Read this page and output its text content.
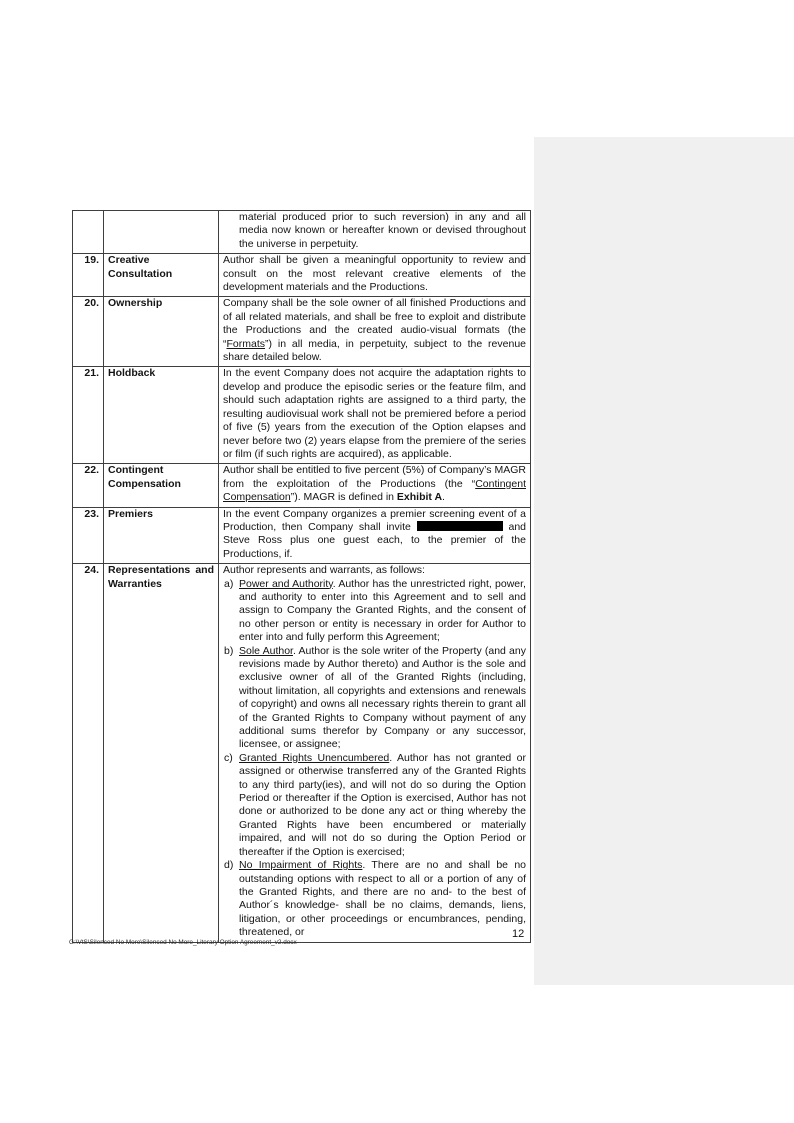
		material produced prior to such reversion) in any and all media now known or hereafter known or devised throughout the universe in perpetuity.

19.	Creative Consultation	Author shall be given a meaningful opportunity to review and consult on the most relevant creative elements of the development materials and the Productions.

20.	Ownership	Company shall be the sole owner of all finished Productions and of all related materials, and shall be free to exploit and distribute the Productions and the created audio-visual formats (the “Formats”) in all media, in perpetuity, subject to the revenue share detailed below.

21.	Holdback	In the event Company does not acquire the adaptation rights to develop and produce the episodic series or the feature film, and should such adaptation rights are assigned to a third party, the resulting audiovisual work shall not be premiered before a period of five (5) years from the execution of the Option elapses and never before two (2) years elapse from the premiere of the series or film (if such rights are acquired), as applicable.

22.	Contingent Compensation	Author shall be entitled to five percent (5%) of Company’s MAGR from the exploitation of the Productions (the “Contingent Compensation”). MAGR is defined in Exhibit A.

23.	Premiers	In the event Company organizes a premier screening event of a Production, then Company shall invite and Steve Ross plus one guest each, to the premier of the Productions, if.

24.	Representations and Warranties	
Author represents and warrants, as follows:
a) Power and Authority. Author has the unrestricted right, power, and authority to enter into this Agreement and to sell and assign to Company the Granted Rights, and the consent of no other person or entity is necessary in order for Author to enter into and fully perform this Agreement;
b) Sole Author. Author is the sole writer of the Property (and any revisions made by Author thereto) and Author is the sole and exclusive owner of all of the Granted Rights (including, without limitation, all copyrights and extensions and renewals of copyright) and owns all necessary rights therein to grant all of the Granted Rights to Company without payment of any additional sums therefor by Company or any successor, licensee, or assignee;
c) Granted Rights Unencumbered. Author has not granted or assigned or otherwise transferred any of the Granted Rights to any third party(ies), and will not do so during the Option Period or thereafter if the Option is exercised, Author has not done or authorized to be done any act or thing whereby the Granted Rights have been encumbered or materially impaired, and will not do so during the Option Period or thereafter if the Option is exercised;
d) No Impairment of Rights. There are no and shall be no outstanding options with respect to all or a portion of any of the Granted Rights, and there are no and- to the best of Author´s knowledge- shall be no claims, demands, liens, litigation, or other proceedings or encumbrances, pending, threatened, or
G:\VtS\Silenced No More\Silenced No More_Literary Option Agreement_v2.docx
12
